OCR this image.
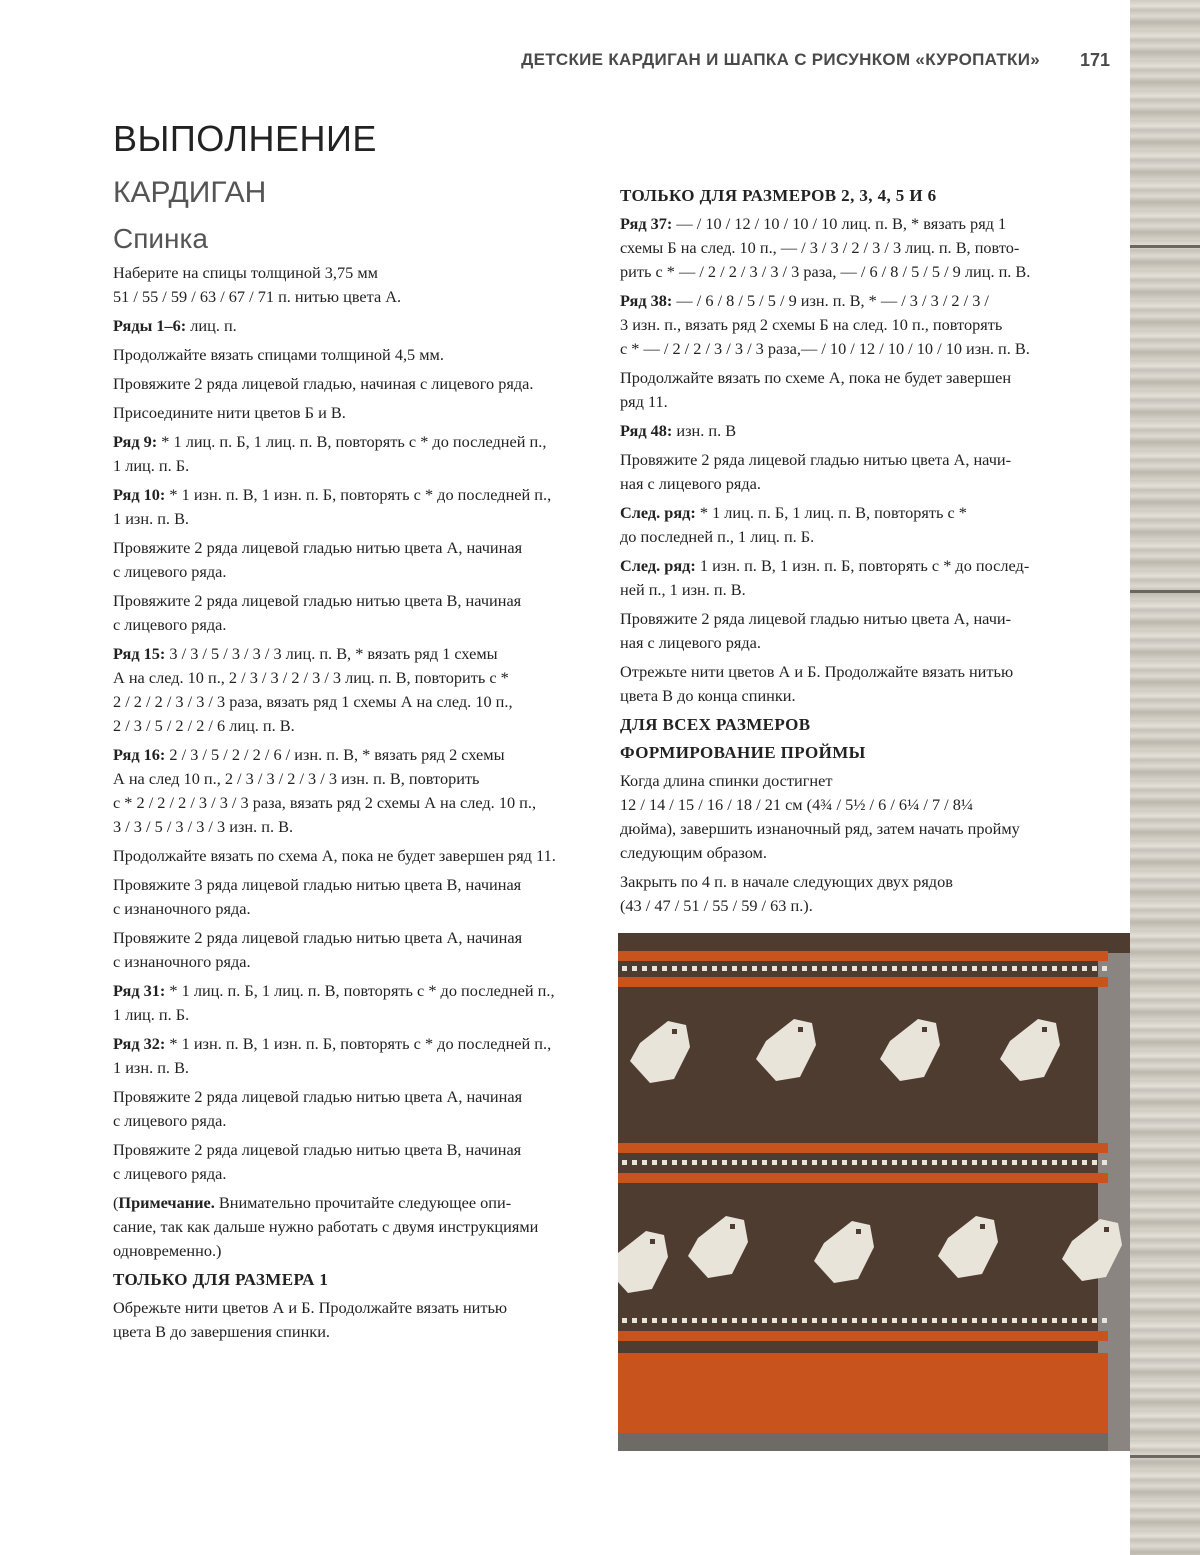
ДЕТСКИЕ КАРДИГАН И ШАПКА С РИСУНКОМ «КУРОПАТКИ»	171
ВЫПОЛНЕНИЕ
КАРДИГАН
Спинка

Наберите на спицы толщиной 3,75 мм
51 / 55 / 59 / 63 / 67 / 71 п. нитью цвета А.

Ряды 1–6: лиц. п.

Продолжайте вязать спицами толщиной 4,5 мм.

Провяжите 2 ряда лицевой гладью, начиная с лицевого ряда.

Присоедините нити цветов Б и В.

Ряд 9: * 1 лиц. п. Б, 1 лиц. п. В, повторять с * до последней п.,
1 лиц. п. Б.

Ряд 10: * 1 изн. п. В, 1 изн. п. Б, повторять с * до последней п.,
1 изн. п. В.

Провяжите 2 ряда лицевой гладью нитью цвета А, начиная
с лицевого ряда.

Провяжите 2 ряда лицевой гладью нитью цвета В, начиная
с лицевого ряда.

Ряд 15: 3 / 3 / 5 / 3 / 3 / 3 лиц. п. В, * вязать ряд 1 схемы
А на след. 10 п., 2 / 3 / 3 / 2 / 3 / 3 лиц. п. В, повторить с *
2 / 2 / 2 / 3 / 3 / 3 раза, вязать ряд 1 схемы А на след. 10 п.,
2 / 3 / 5 / 2 / 2 / 6 лиц. п. В.

Ряд 16: 2 / 3 / 5 / 2 / 2 / 6 / изн. п. В, * вязать ряд 2 схемы
А на след 10 п., 2 / 3 / 3 / 2 / 3 / 3 изн. п. В, повторить
с * 2 / 2 / 2 / 3 / 3 / 3 раза, вязать ряд 2 схемы А на след. 10 п.,
3 / 3 / 5 / 3 / 3 / 3 изн. п. В.

Продолжайте вязать по схема А, пока не будет завершен ряд 11.

Провяжите 3 ряда лицевой гладью нитью цвета В, начиная
с изнаночного ряда.

Провяжите 2 ряда лицевой гладью нитью цвета А, начиная
с изнаночного ряда.

Ряд 31: * 1 лиц. п. Б, 1 лиц. п. В, повторять с * до последней п.,
1 лиц. п. Б.

Ряд 32: * 1 изн. п. В, 1 изн. п. Б, повторять с * до последней п.,
1 изн. п. В.

Провяжите 2 ряда лицевой гладью нитью цвета А, начиная
с лицевого ряда.

Провяжите 2 ряда лицевой гладью нитью цвета В, начиная
с лицевого ряда.

(Примечание. Внимательно прочитайте следующее опи-
сание, так как дальше нужно работать с двумя инструкциями
одновременно.)

ТОЛЬКО ДЛЯ РАЗМЕРА 1

Обрежьте нити цветов А и Б. Продолжайте вязать нитью
цвета В до завершения спинки.

ТОЛЬКО ДЛЯ РАЗМЕРОВ 2, 3, 4, 5 И 6

Ряд 37: — / 10 / 12 / 10 / 10 / 10 лиц. п. В, * вязать ряд 1
схемы Б на след. 10 п., — / 3 / 3 / 2 / 3 / 3 лиц. п. В, повто-
рить с * — / 2 / 2 / 3 / 3 / 3 раза, — / 6 / 8 / 5 / 5 / 9 лиц. п. В.

Ряд 38: — / 6 / 8 / 5 / 5 / 9 изн. п. В, * — / 3 / 3 / 2 / 3 /
3 изн. п., вязать ряд 2 схемы Б на след. 10 п., повторять
с * — / 2 / 2 / 3 / 3 / 3 раза,— / 10 / 12 / 10 / 10 / 10 изн. п. В.

Продолжайте вязать по схеме А, пока не будет завершен
ряд 11.

Ряд 48: изн. п. В

Провяжите 2 ряда лицевой гладью нитью цвета А, начи-
ная с лицевого ряда.

След. ряд: * 1 лиц. п. Б, 1 лиц. п. В, повторять с *
до последней п., 1 лиц. п. Б.

След. ряд: 1 изн. п. В, 1 изн. п. Б, повторять с * до послед-
ней п., 1 изн. п. В.

Провяжите 2 ряда лицевой гладью нитью цвета А, начи-
ная с лицевого ряда.

Отрежьте нити цветов А и Б. Продолжайте вязать нитью
цвета В до конца спинки.

ДЛЯ ВСЕХ РАЗМЕРОВ

ФОРМИРОВАНИЕ ПРОЙМЫ

Когда длина спинки достигнет
12 / 14 / 15 / 16 / 18 / 21 см (4¾ / 5½ / 6 / 6¼ / 7 / 8¼
дюйма), завершить изнаночный ряд, затем начать пройму
следующим образом.

Закрыть по 4 п. в начале следующих двух рядов
(43 / 47 / 51 / 55 / 59 / 63 п.).
